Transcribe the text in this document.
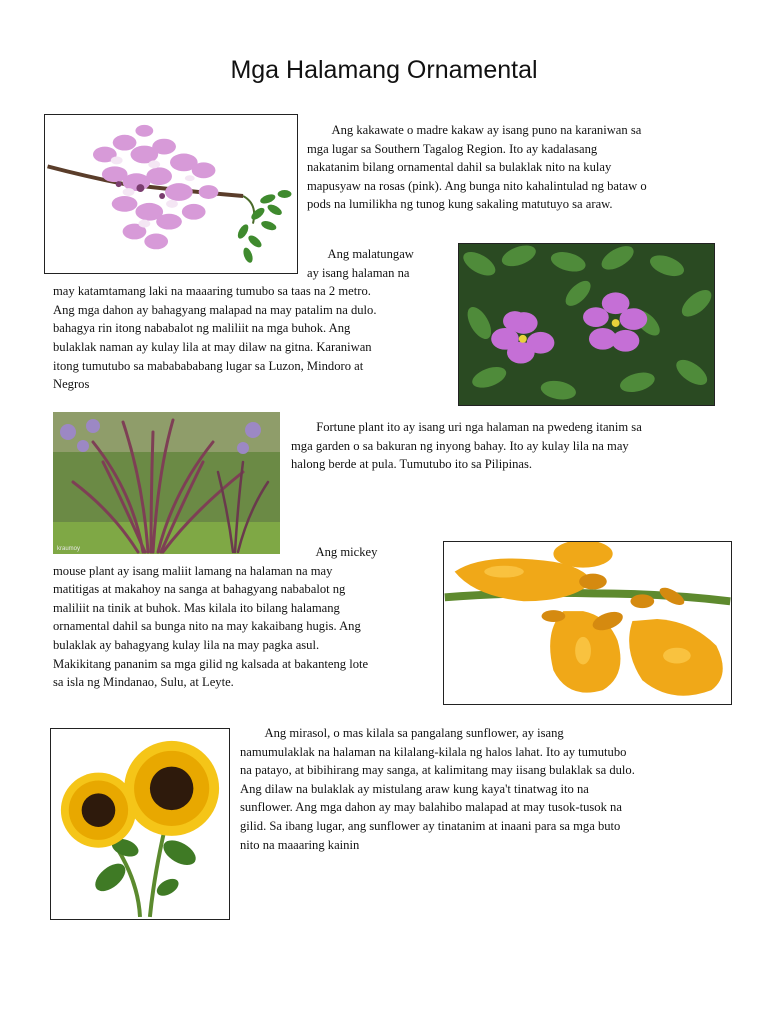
Mga Halamang Ornamental
Ang kakawate o madre kakaw ay isang puno na karaniwan sa
mga lugar sa Southern Tagalog Region. Ito ay kadalasang
nakatanim bilang ornamental dahil sa bulaklak nito na kulay
mapusyaw na rosas (pink). Ang bunga nito kahalintulad ng bataw o
pods na lumilikha ng tunog kung sakaling matutuyo sa araw.
Ang malatungaw
ay isang halaman na
may katamtamang laki na maaaring tumubo sa taas na 2 metro.
Ang mga dahon ay bahagyang malapad na may patalim na dulo.
bahagya rin itong nababalot ng maliliit na mga buhok. Ang
bulaklak naman ay kulay lila at may dilaw na gitna. Karaniwan
itong tumutubo sa mababababang lugar sa Luzon, Mindoro at
Negros
kraumoy
Fortune plant ito ay isang uri nga halaman na pwedeng itanim sa
mga garden o sa bakuran ng inyong bahay. Ito ay kulay lila na may
halong berde at pula. Tumutubo ito sa Pilipinas.
Ang mickey
mouse plant ay isang maliit lamang na halaman na may
matitigas at makahoy na sanga at bahagyang nababalot ng
maliliit na tinik at buhok. Mas kilala ito bilang halamang
ornamental dahil sa bunga nito na may kakaibang hugis. Ang
bulaklak ay bahagyang kulay lila na may pagka asul.
Makikitang pananim sa mga gilid ng kalsada at bakanteng lote
sa isla ng Mindanao, Sulu, at Leyte.
Ang mirasol, o mas kilala sa pangalang sunflower, ay isang
namumulaklak na halaman na kilalang-kilala ng halos lahat. Ito ay tumutubo
na patayo, at bibihirang may sanga, at kalimitang may iisang bulaklak sa dulo.
Ang dilaw na bulaklak ay mistulang araw kung kaya't tinatwag ito na
sunflower. Ang mga dahon ay may balahibo malapad at may tusok-tusok na
gilid. Sa ibang lugar, ang sunflower ay tinatanim at inaani para sa mga buto
nito na maaaring kainin
